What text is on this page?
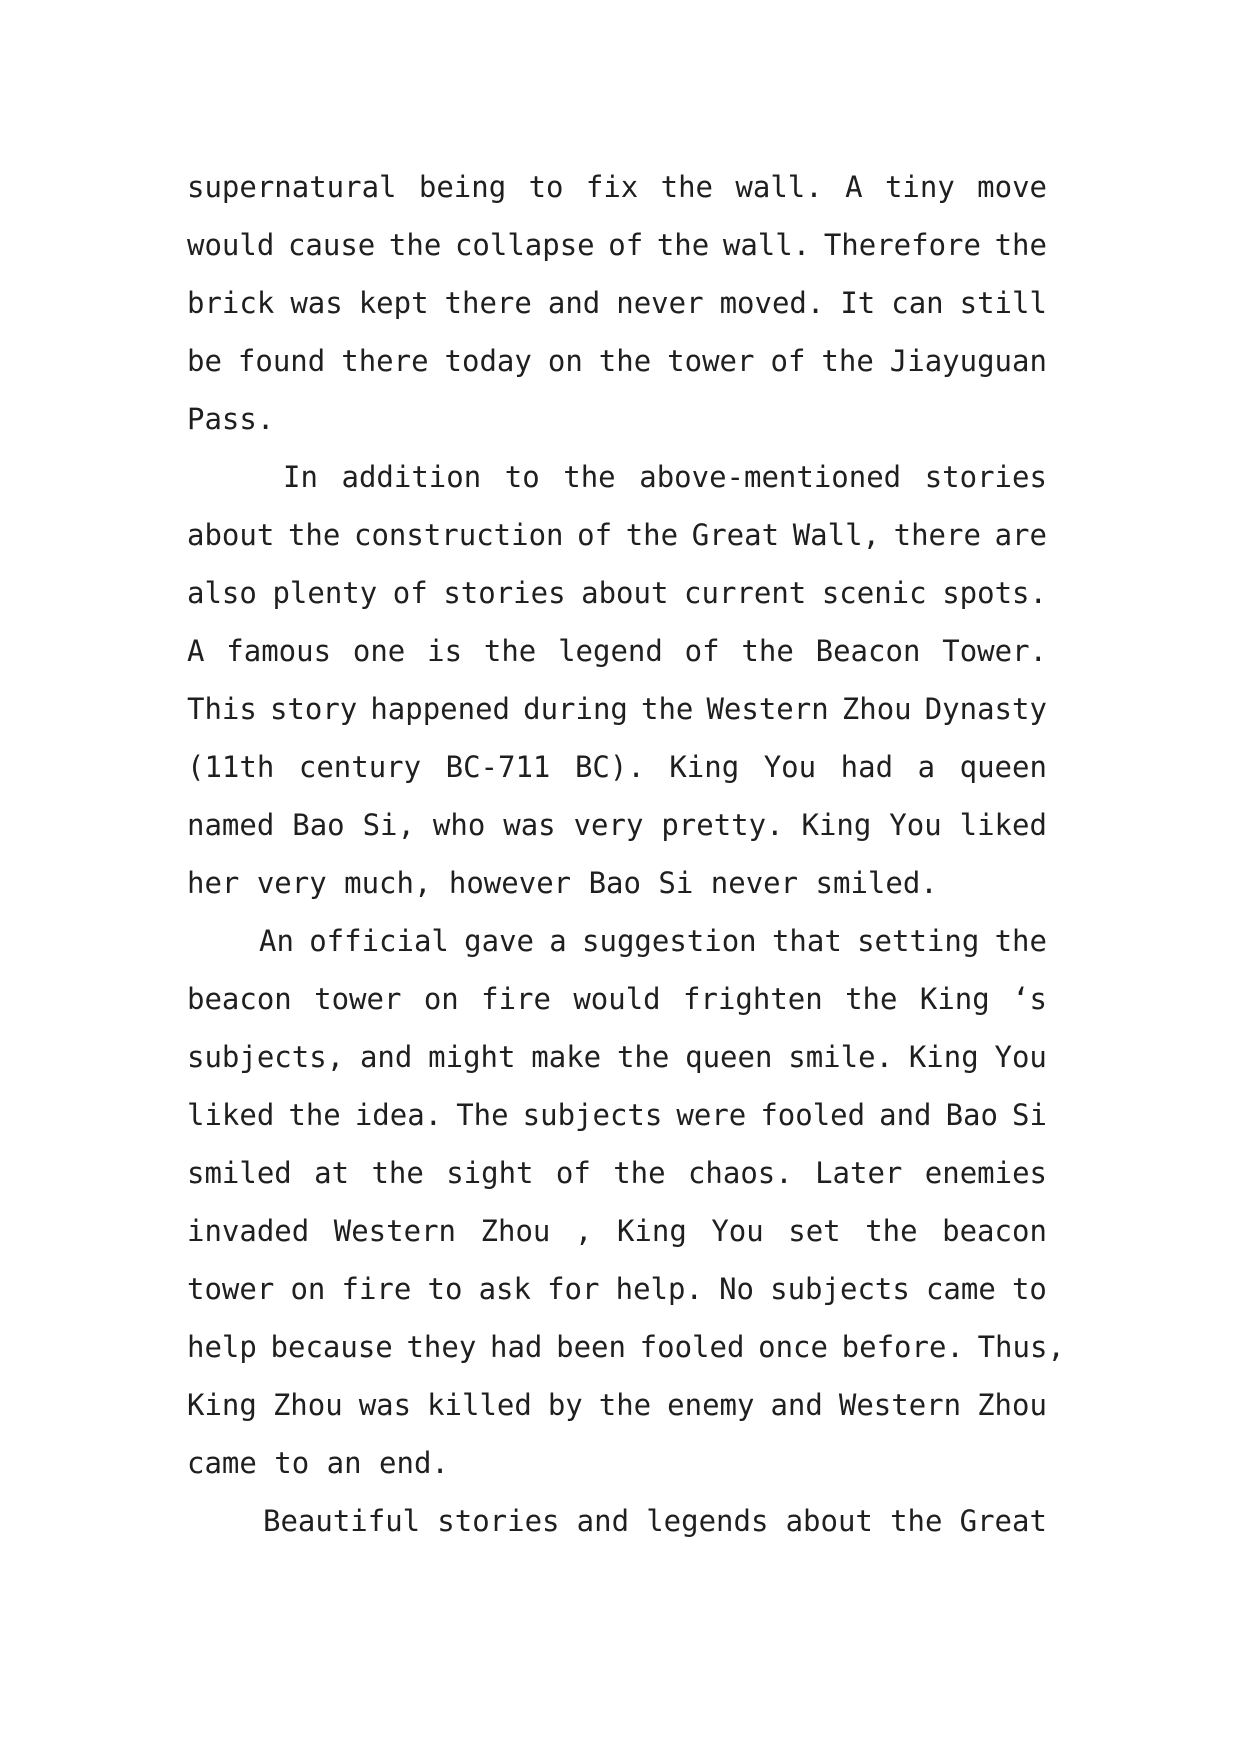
supernatural being to fix the wall. A tiny move
would cause the collapse of the wall. Therefore the
brick was kept there and never moved. It can still
be found there today on the tower of the Jiayuguan
Pass.
In addition to the above-mentioned stories
about the construction of the Great Wall, there are
also plenty of stories about current scenic spots.
A famous one is the legend of the Beacon Tower.
This story happened during the Western Zhou Dynasty
(11th century BC-711 BC). King You had a queen
named Bao Si, who was very pretty. King You liked
her very much, however Bao Si never smiled.
An official gave a suggestion that setting the
beacon tower on fire would frighten the King ‘s
subjects, and might make the queen smile. King You
liked the idea. The subjects were fooled and Bao Si
smiled at the sight of the chaos. Later enemies
invaded Western Zhou , King You set the beacon
tower on fire to ask for help. No subjects came to
help because they had been fooled once before. Thus,
King Zhou was killed by the enemy and Western Zhou
came to an end.
Beautiful stories and legends about the Great
